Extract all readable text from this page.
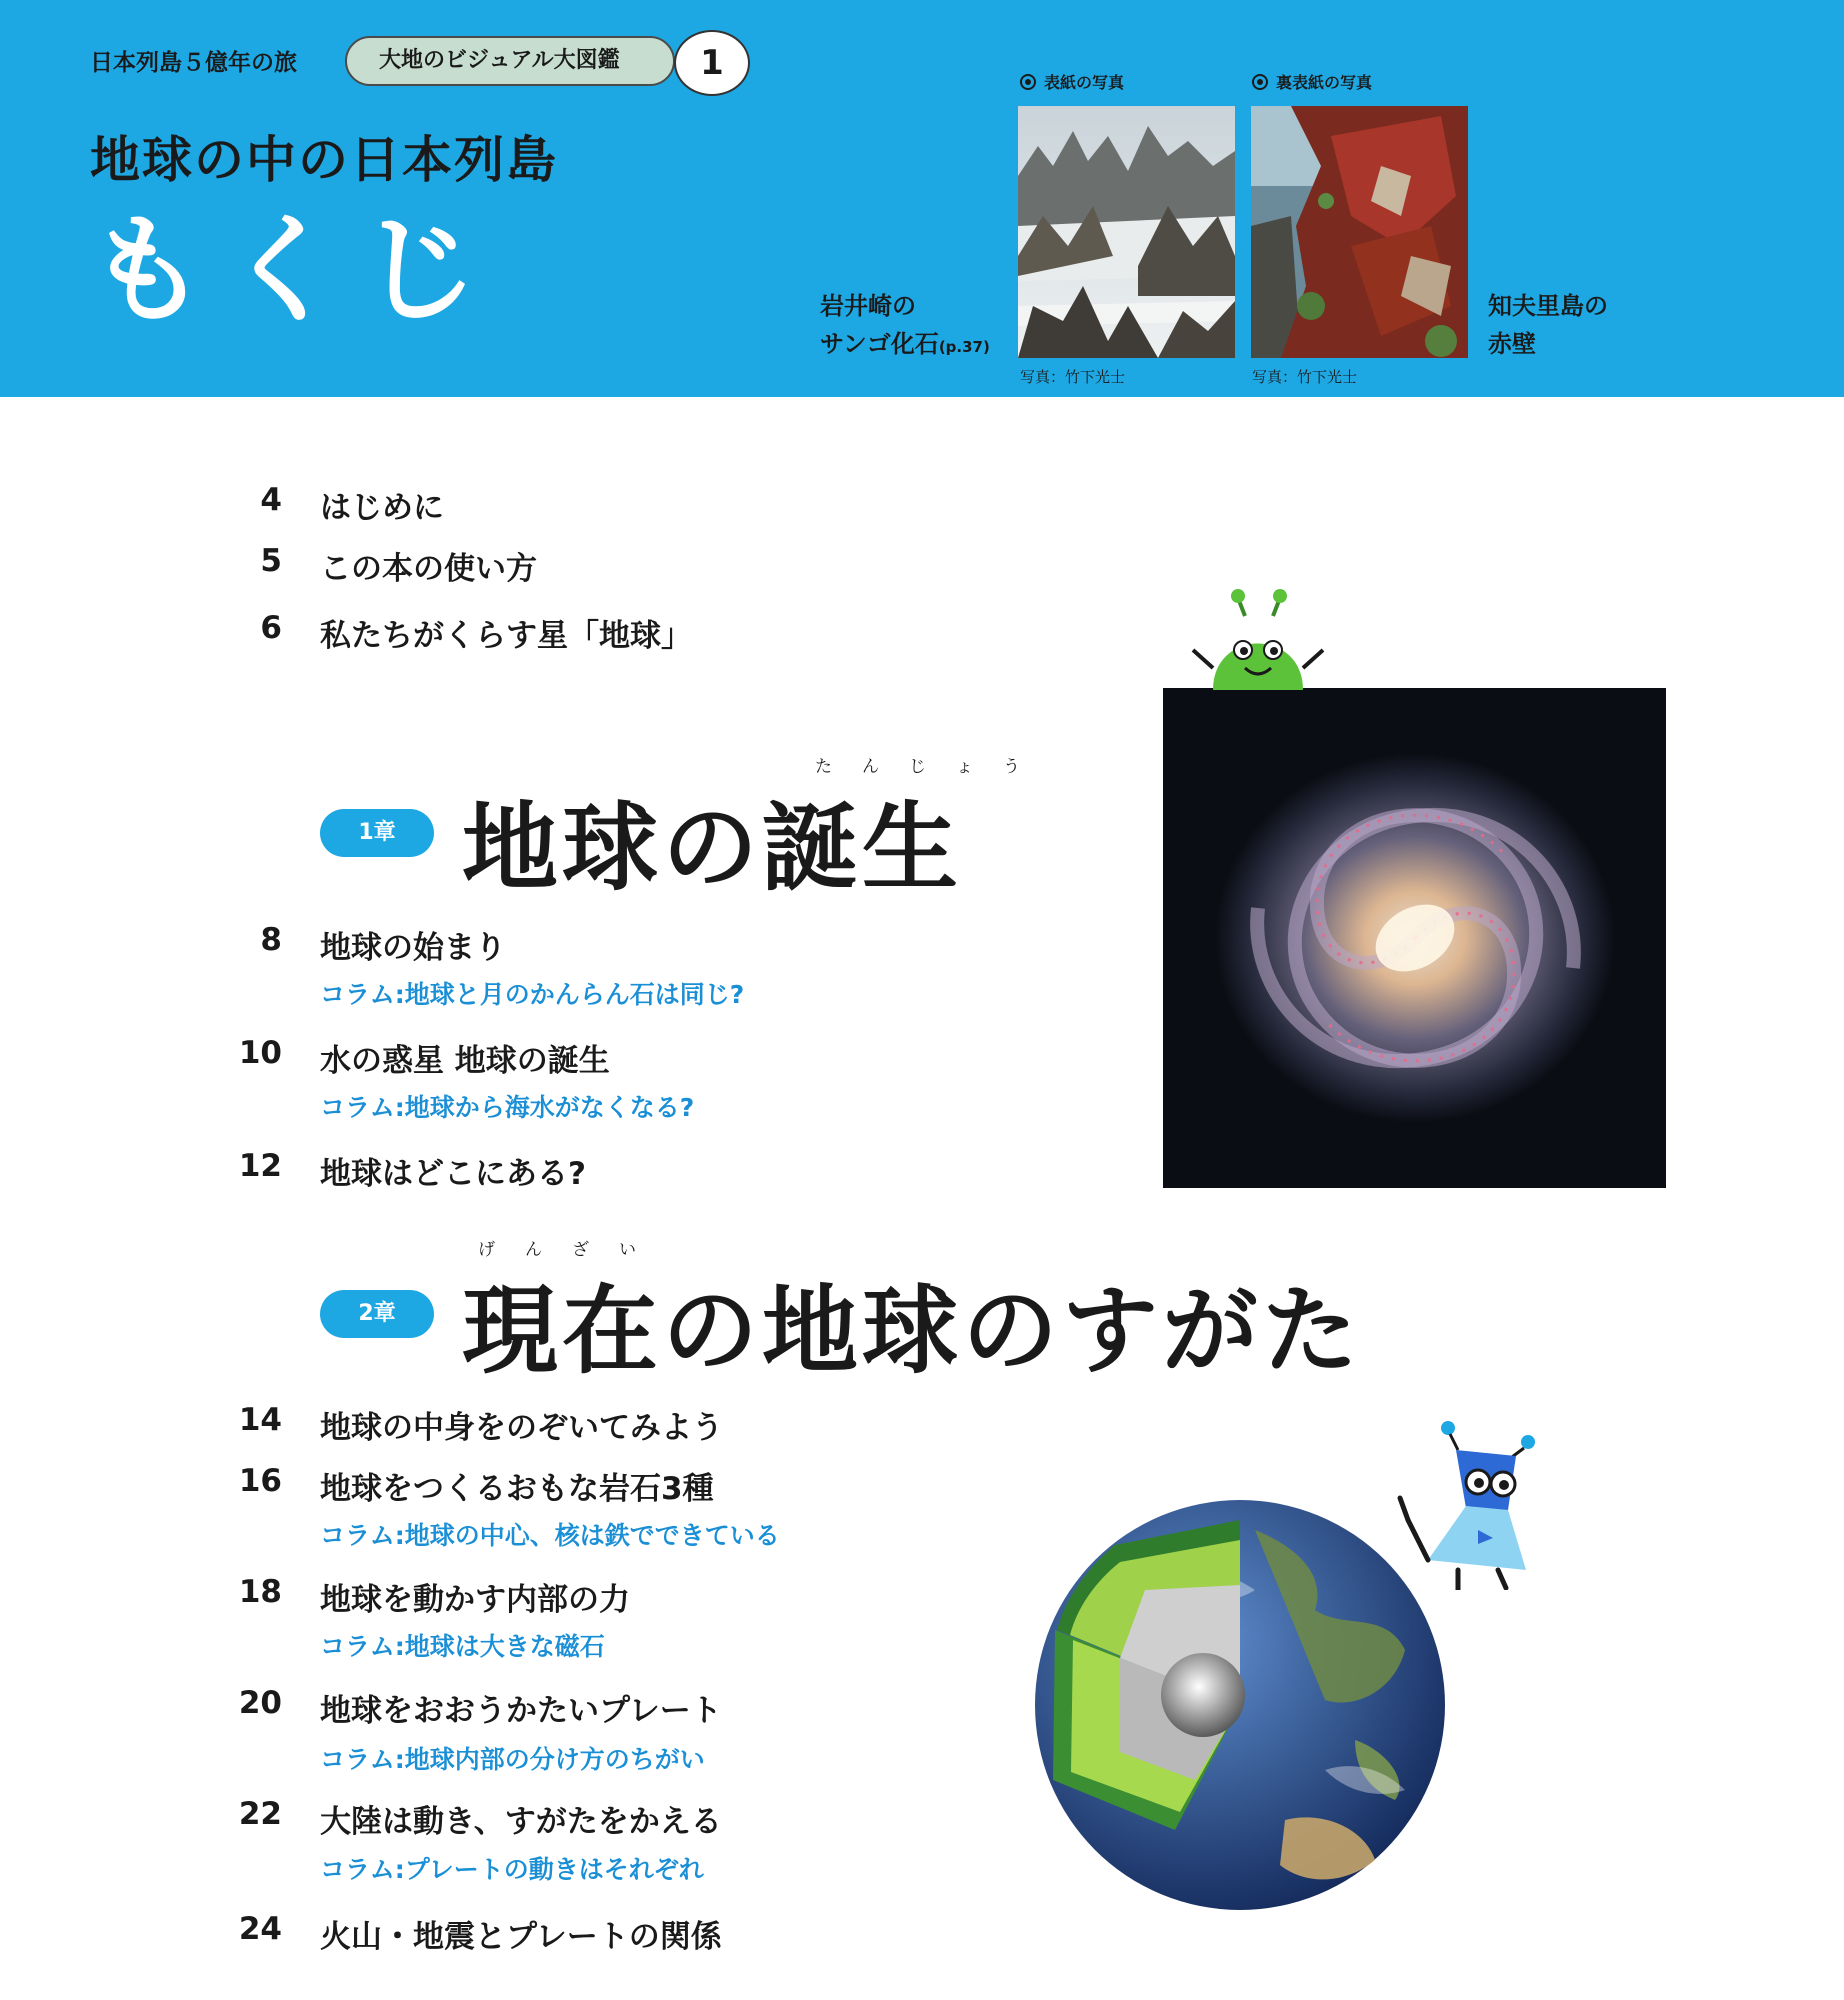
日本列島５億年の旅	大地のビジュアル大図鑑	1
地球の中の日本列島
もくじ
表紙の写真
写真：竹下光士
裏表紙の写真
写真：竹下光士
岩井崎の
サンゴ化石(p.37)
知夫里島の
赤壁
4 はじめに
5 この本の使い方
6 私たちがくらす星「地球」
1章
たんじょう
地球の誕生
8 地球の始まり
コラム:地球と月のかんらん石は同じ?
10 水の惑星 地球の誕生
コラム:地球から海水がなくなる?
12 地球はどこにある?
2章
げんざい
現在の地球のすがた
14 地球の中身をのぞいてみよう
16 地球をつくるおもな岩石3種
コラム:地球の中心、核は鉄でできている
18 地球を動かす内部の力
コラム:地球は大きな磁石
20 地球をおおうかたいプレート
コラム:地球内部の分け方のちがい
22 大陸は動き、すがたをかえる
コラム:プレートの動きはそれぞれ
24 火山・地震とプレートの関係
